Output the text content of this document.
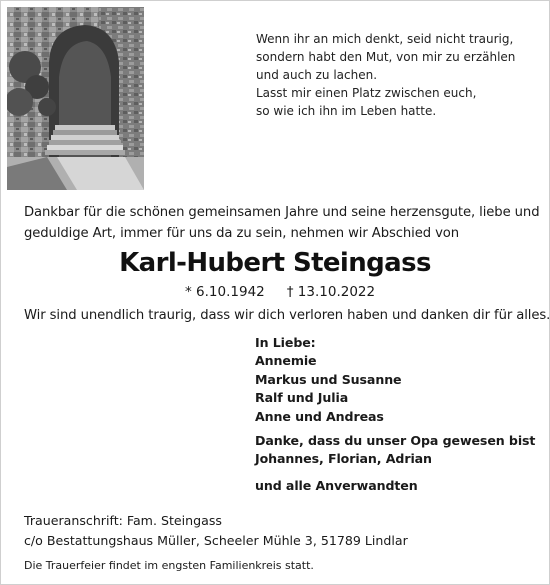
Wenn ihr an mich denkt, seid nicht traurig,
sondern habt den Mut, von mir zu erzählen
und auch zu lachen.
Lasst mir einen Platz zwischen euch,
so wie ich ihn im Leben hatte.
Dankbar für die schönen gemeinsamen Jahre und seine herzensgute, liebe und
geduldige Art, immer für uns da zu sein, nehmen wir Abschied von
Karl-Hubert Steingass
* 6.10.1942 † 13.10.2022
Wir sind unendlich traurig, dass wir dich verloren haben und danken dir für alles.
In Liebe:
Annemie
Markus und Susanne
Ralf und Julia
Anne und Andreas
Danke, dass du unser Opa gewesen bist
Johannes, Florian, Adrian
und alle Anverwandten
Traueranschrift: Fam. Steingass
c/o Bestattungshaus Müller, Scheeler Mühle 3, 51789 Lindlar
Die Trauerfeier findet im engsten Familienkreis statt.
